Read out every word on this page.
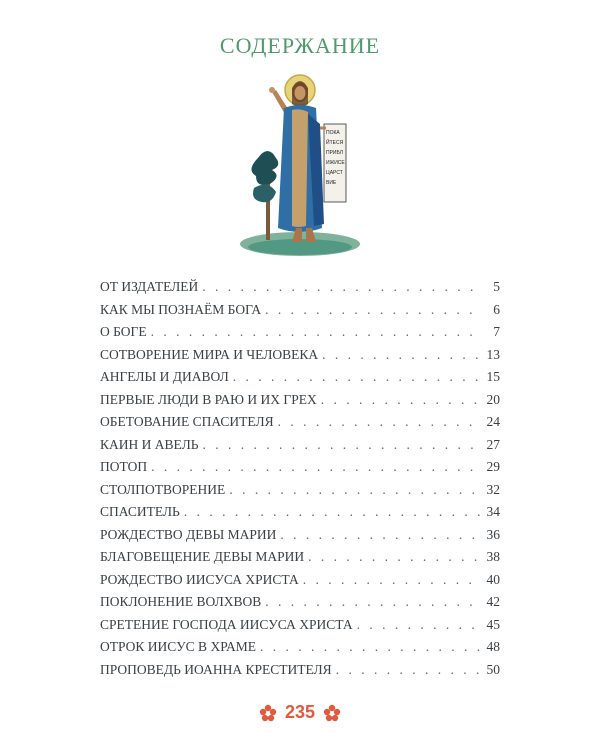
СОДЕРЖАНИЕ
ПОКА
ЙТЕСЯ
ПРИБЛ
ИЖИСЕ
ЦАРСТ
ВИЕ
ОТ ИЗДАТЕЛЕЙ . . .	5
КАК МЫ ПОЗНАЁМ БОГА . . .	6
О БОГЕ . . .	7
СОТВОРЕНИЕ МИРА И ЧЕЛОВЕКА . . .	13
АНГЕЛЫ И ДИАВОЛ . . .	15
ПЕРВЫЕ ЛЮДИ В РАЮ И ИХ ГРЕХ . . .	20
ОБЕТОВАНИЕ СПАСИТЕЛЯ . . .	24
КАИН И АВЕЛЬ . . .	27
ПОТОП . . .	29
СТОЛПОТВОРЕНИЕ . . .	32
СПАСИТЕЛЬ . . .	34
РОЖДЕСТВО ДЕВЫ МАРИИ . . .	36
БЛАГОВЕЩЕНИЕ ДЕВЫ МАРИИ . . .	38
РОЖДЕСТВО ИИСУСА ХРИСТА . . .	40
ПОКЛОНЕНИЕ ВОЛХВОВ . . .	42
СРЕТЕНИЕ ГОСПОДА ИИСУСА ХРИСТА . . .	45
ОТРОК ИИСУС В ХРАМЕ . . .	48
ПРОПОВЕДЬ ИОАННА КРЕСТИТЕЛЯ . . .	50
235
